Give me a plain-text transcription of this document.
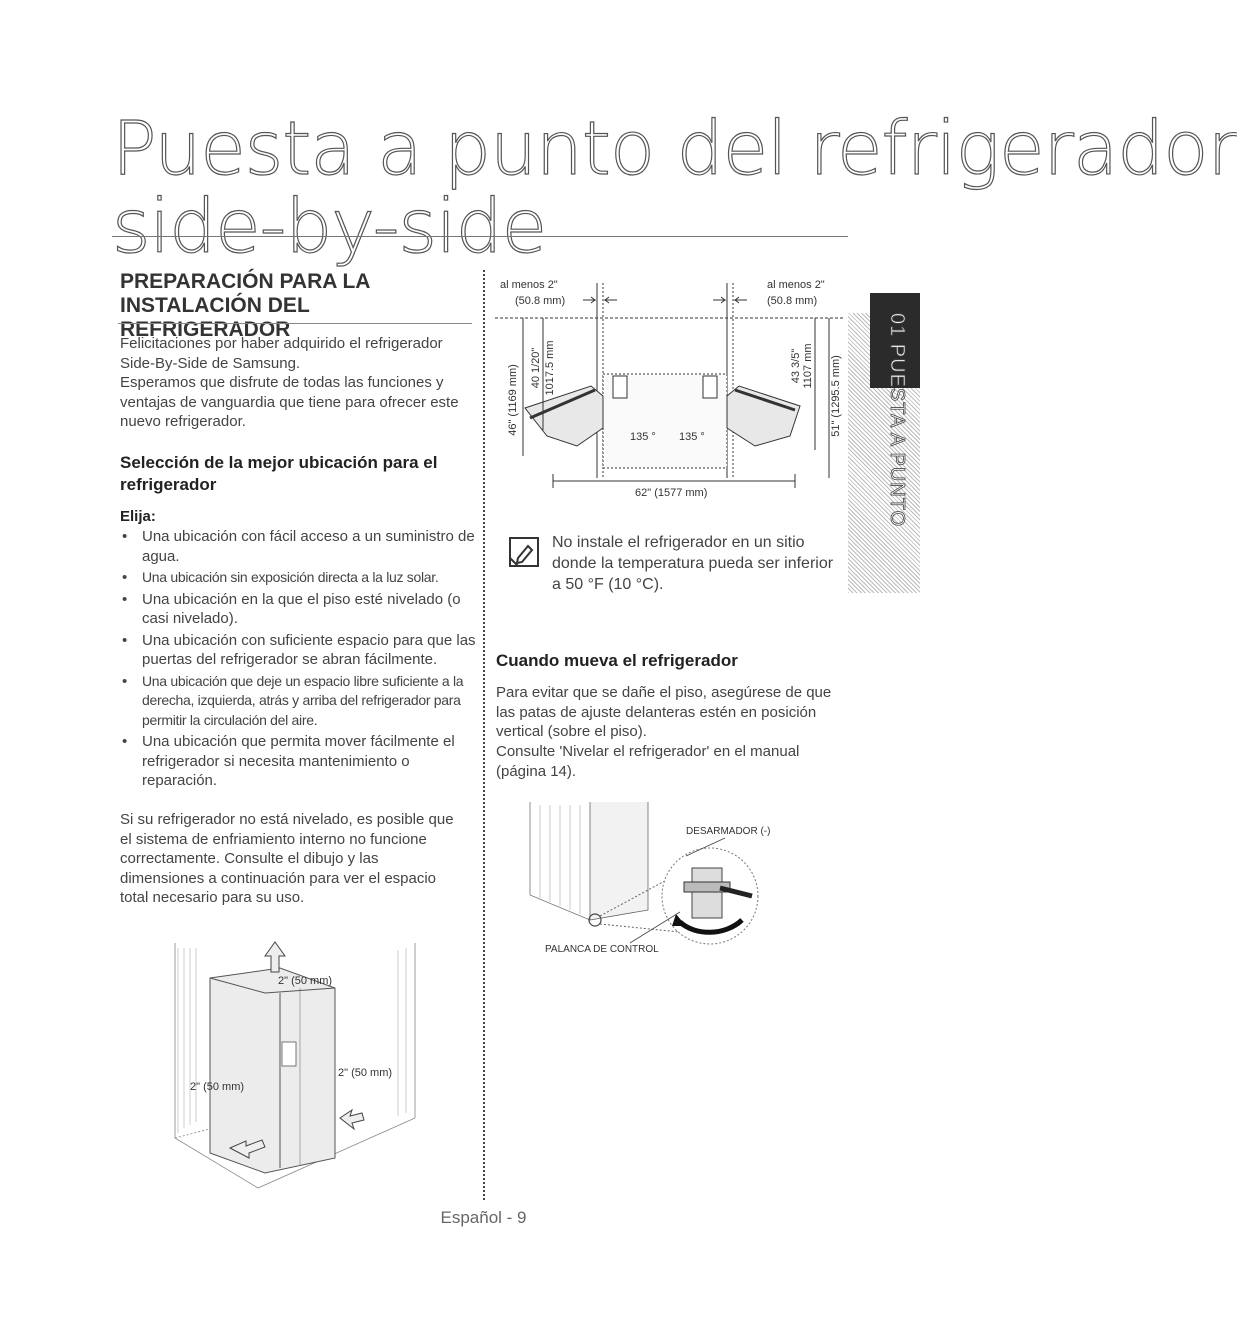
Puesta a punto del refrigerador
side-by-side
01 PUESTA A PUNTO
PREPARACIÓN PARA LA
INSTALACIÓN DEL REFRIGERADOR

Felicitaciones por haber adquirido el refrigerador Side-By-Side de Samsung.

Esperamos que disfrute de todas las funciones y ventajas de vanguardia que tiene para ofrecer este nuevo refrigerador.

Selección de la mejor ubicación para el refrigerador
Elija:
• Una ubicación con fácil acceso a un suministro de agua.
• Una ubicación sin exposición directa a la luz solar.
• Una ubicación en la que el piso esté nivelado (o casi nivelado).
• Una ubicación con suficiente espacio para que las puertas del refrigerador se abran fácilmente.
• Una ubicación que deje un espacio libre suficiente a la derecha, izquierda, atrás y arriba del refrigerador para permitir la circulación del aire.
• Una ubicación que permita mover fácilmente el refrigerador si necesita mantenimiento o reparación.

Si su refrigerador no está nivelado, es posible que el sistema de enfriamiento interno no funcione correctamente. Consulte el dibujo y las dimensiones a continuación para ver el espacio total necesario para su uso.

2" (50 mm)
2" (50 mm)
2" (50 mm)
al menos 2"
(50.8 mm)
al menos 2"
(50.8 mm)
46" (1169 mm) 40 1/20" 1017.5 mm	43 3/5" 1107 mm 51" (1295.5 mm)
135 ° 135 °
62" (1577 mm)

No instale el refrigerador en un sitio donde la temperatura pueda ser inferior a 50 °F (10 °C).

Cuando mueva el refrigerador

Para evitar que se dañe el piso, asegúrese de que las patas de ajuste delanteras estén en posición vertical (sobre el piso).

Consulte 'Nivelar el refrigerador' en el manual (página 14).

DESARMADOR (-)
PALANCA DE CONTROL
Español - 9
